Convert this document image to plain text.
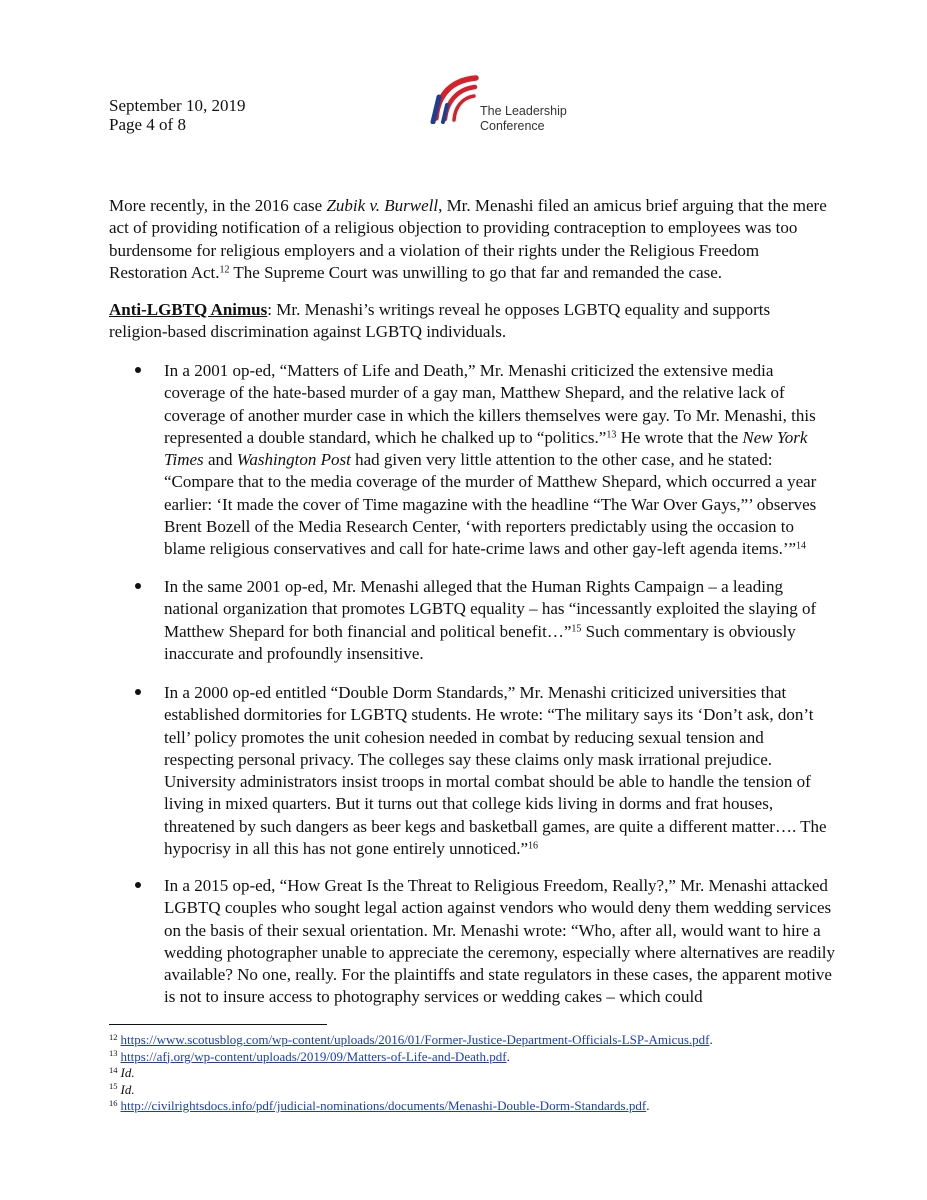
September 10, 2019
Page 4 of 8
The Leadership
Conference

More recently, in the 2016 case Zubik v. Burwell, Mr. Menashi filed an amicus brief arguing that the mere act of providing notification of a religious objection to providing contraception to employees was too burdensome for religious employers and a violation of their rights under the Religious Freedom Restoration Act.$^{12}$ The Supreme Court was unwilling to go that far and remanded the case.

Anti-LGBTQ Animus: Mr. Menashi’s writings reveal he opposes LGBTQ equality and supports religion-based discrimination against LGBTQ individuals.

In a 2001 op-ed, “Matters of Life and Death,” Mr. Menashi criticized the extensive media coverage of the hate-based murder of a gay man, Matthew Shepard, and the relative lack of coverage of another murder case in which the killers themselves were gay. To Mr. Menashi, this represented a double standard, which he chalked up to “politics.”$^{13}$ He wrote that the New York Times and Washington Post had given very little attention to the other case, and he stated: “Compare that to the media coverage of the murder of Matthew Shepard, which occurred a year earlier: ‘It made the cover of Time magazine with the headline “The War Over Gays,”’ observes Brent Bozell of the Media Research Center, ‘with reporters predictably using the occasion to blame religious conservatives and call for hate-crime laws and other gay-left agenda items.’”$^{14}$

In the same 2001 op-ed, Mr. Menashi alleged that the Human Rights Campaign – a leading national organization that promotes LGBTQ equality – has “incessantly exploited the slaying of Matthew Shepard for both financial and political benefit…”$^{15}$ Such commentary is obviously inaccurate and profoundly insensitive.

In a 2000 op-ed entitled “Double Dorm Standards,” Mr. Menashi criticized universities that established dormitories for LGBTQ students. He wrote: “The military says its ‘Don’t ask, don’t tell’ policy promotes the unit cohesion needed in combat by reducing sexual tension and respecting personal privacy. The colleges say these claims only mask irrational prejudice. University administrators insist troops in mortal combat should be able to handle the tension of living in mixed quarters. But it turns out that college kids living in dorms and frat houses, threatened by such dangers as beer kegs and basketball games, are quite a different matter…. The hypocrisy in all this has not gone entirely unnoticed.”$^{16}$

In a 2015 op-ed, “How Great Is the Threat to Religious Freedom, Really?,” Mr. Menashi attacked LGBTQ couples who sought legal action against vendors who would deny them wedding services on the basis of their sexual orientation. Mr. Menashi wrote: “Who, after all, would want to hire a wedding photographer unable to appreciate the ceremony, especially where alternatives are readily available? No one, really. For the plaintiffs and state regulators in these cases, the apparent motive is not to insure access to photography services or wedding cakes – which could

$^{12}$ https://www.scotusblog.com/wp-content/uploads/2016/01/Former-Justice-Department-Officials-LSP-Amicus.pdf.
$^{13}$ https://afj.org/wp-content/uploads/2019/09/Matters-of-Life-and-Death.pdf.
$^{14}$ Id.
$^{15}$ Id.
$^{16}$ http://civilrightsdocs.info/pdf/judicial-nominations/documents/Menashi-Double-Dorm-Standards.pdf.
